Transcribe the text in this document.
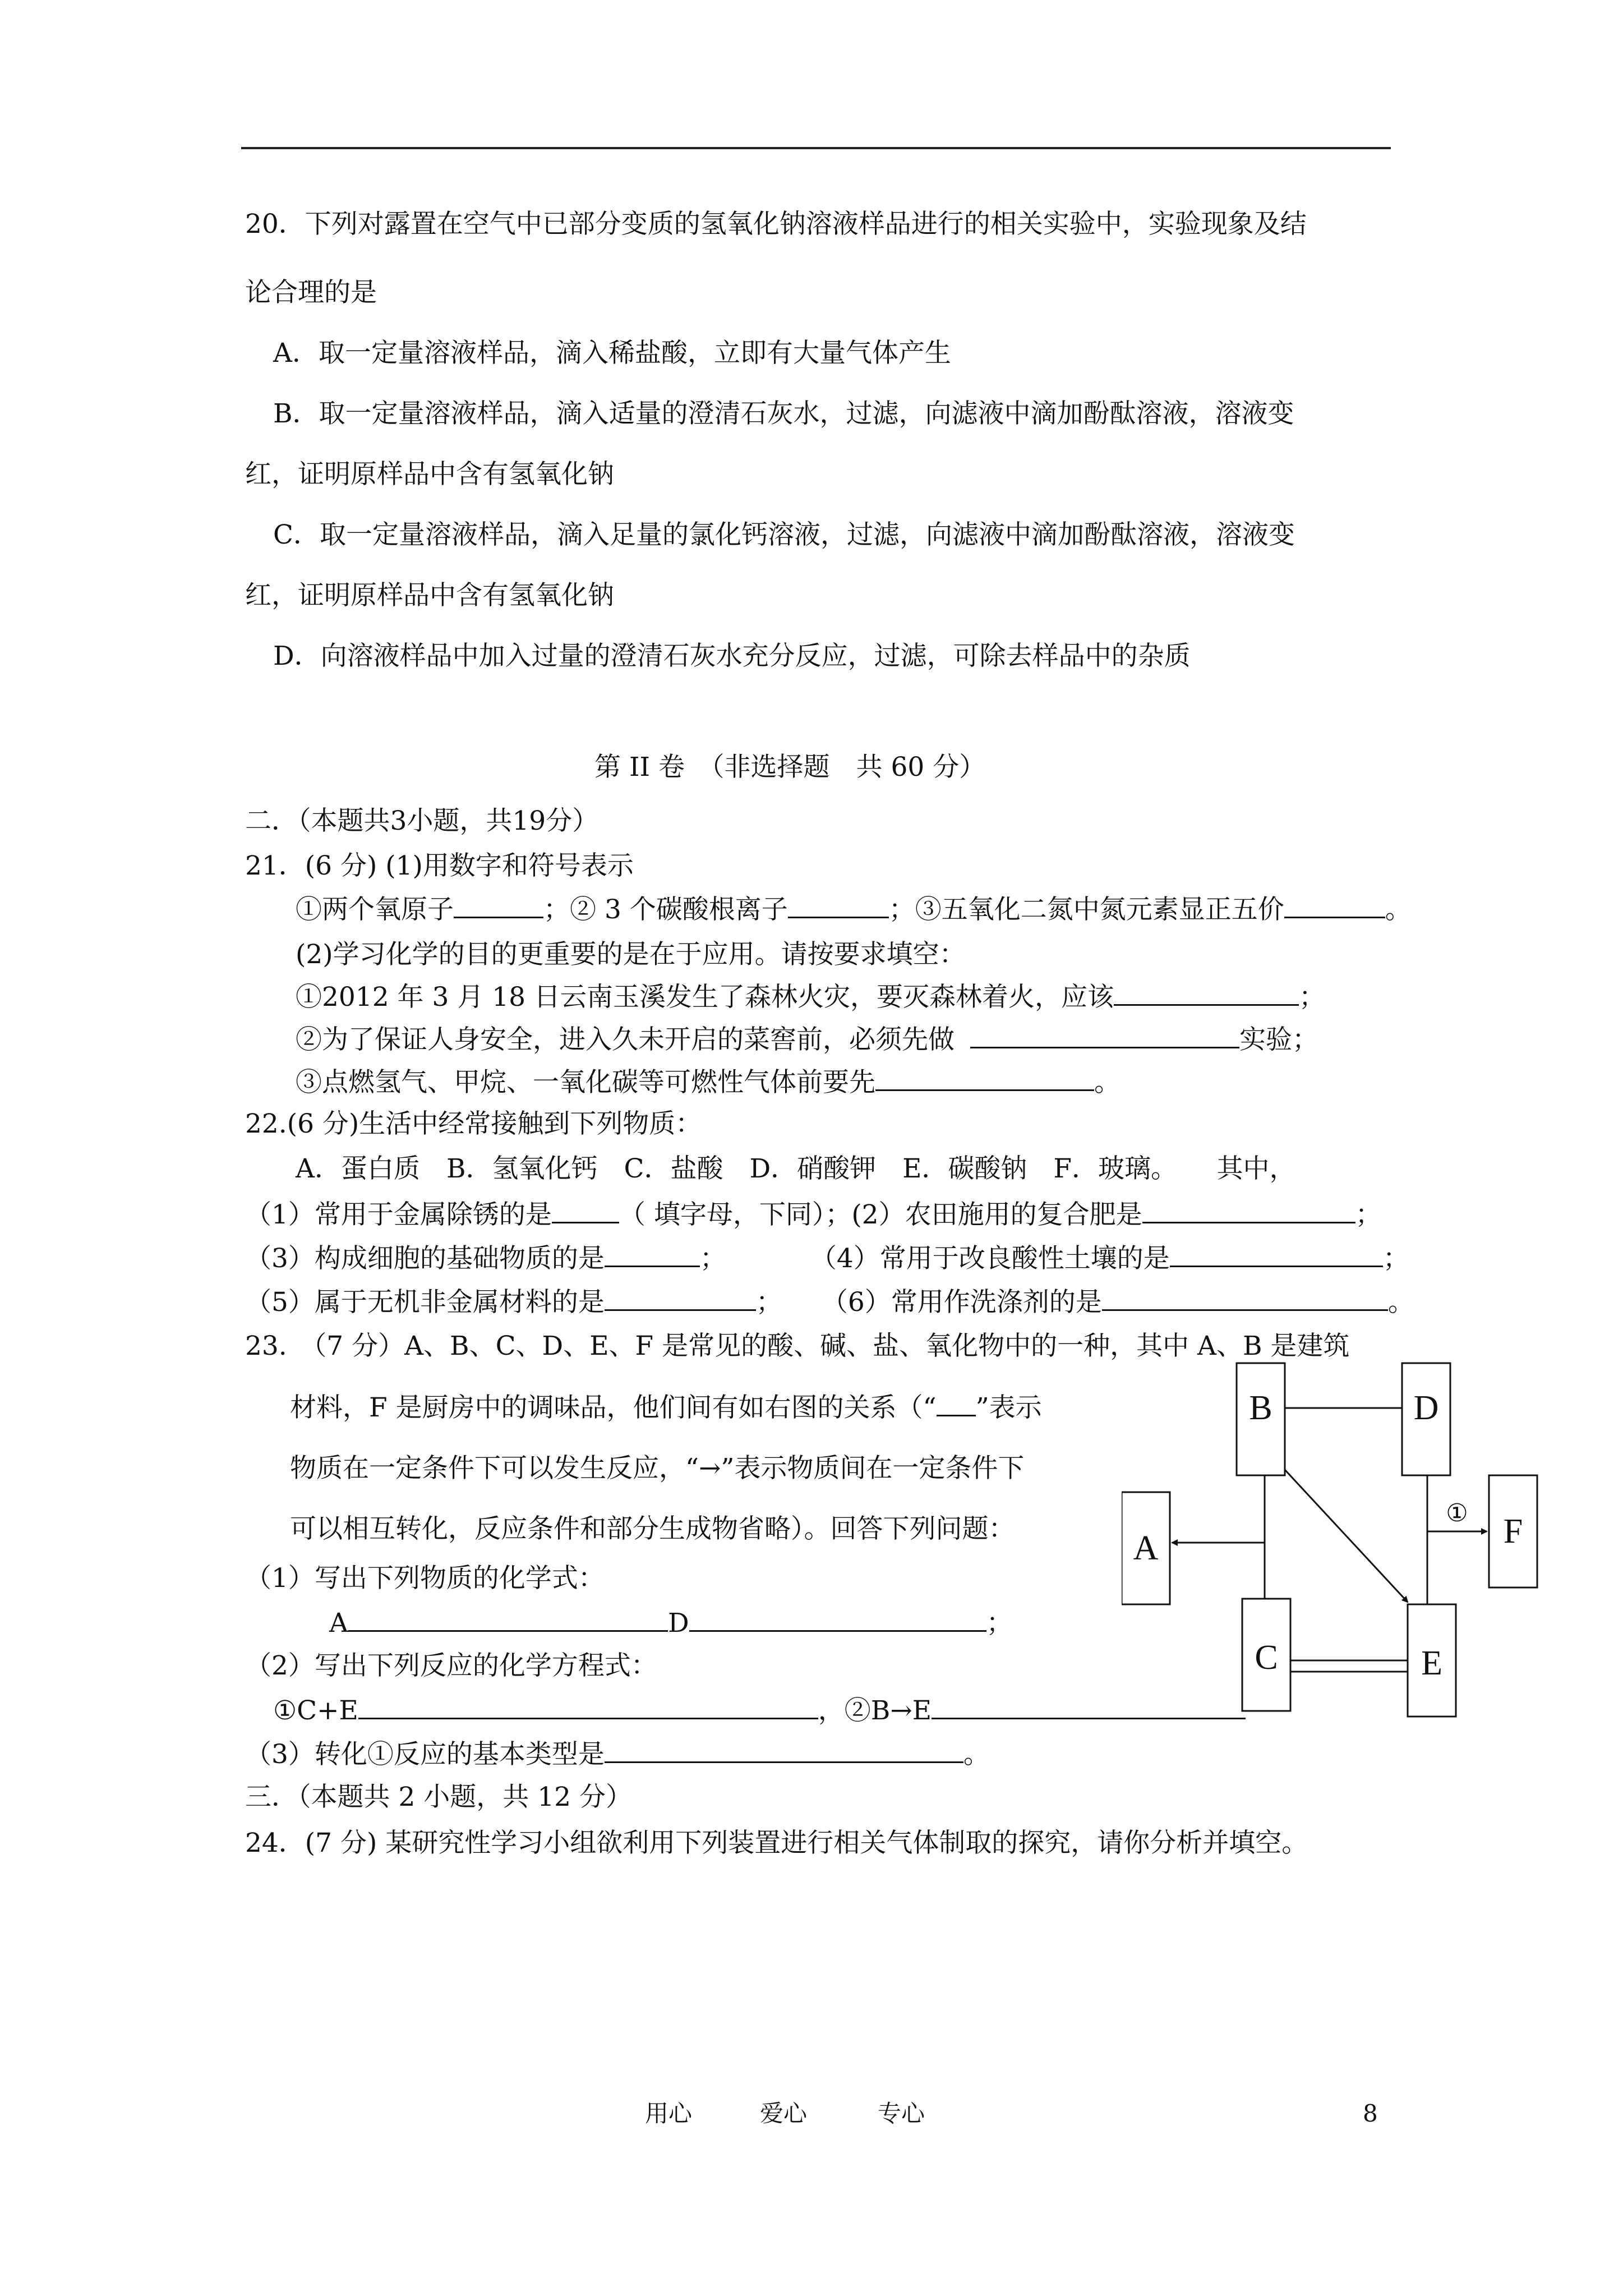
20．下列对露置在空气中已部分变质的氢氧化钠溶液样品进行的相关实验中，实验现象及结
论合理的是
A．取一定量溶液样品，滴入稀盐酸，立即有大量气体产生
B．取一定量溶液样品，滴入适量的澄清石灰水，过滤，向滤液中滴加酚酞溶液，溶液变
红，证明原样品中含有氢氧化钠
C．取一定量溶液样品，滴入足量的氯化钙溶液，过滤，向滤液中滴加酚酞溶液，溶液变
红，证明原样品中含有氢氧化钠
D．向溶液样品中加入过量的澄清石灰水充分反应，过滤，可除去样品中的杂质
第 II 卷　（非选择题　共 60 分）
二．（本题共3小题，共19分）
21．(6 分) (1)用数字和符号表示
①两个氧原子	；② 3 个碳酸根离子	；③五氧化二氮中氮元素显正五价	。
(2)学习化学的目的更重要的是在于应用。请按要求填空：
①2012 年 3 月 18 日云南玉溪发生了森林火灾，要灭森林着火，应该	；
②为了保证人身安全，进入久未开启的菜窖前，必须先做	实验；
③点燃氢气、甲烷、一氧化碳等可燃性气体前要先	。
22.(6 分)生活中经常接触到下列物质：
A．蛋白质　B．氢氧化钙　C．盐酸　D．硝酸钾　E．碳酸钠　F．玻璃。　　其中，
（1）常用于金属除锈的是	（ 填字母，下同）；(2）农田施用的复合肥是	；
（3）构成细胞的基础物质的是	；	（4）常用于改良酸性土壤的是	；
（5）属于无机非金属材料的是	； （6）常用作洗涤剂的是	。
23.　（7 分）A、B、C、D、E、F 是常见的酸、碱、盐、氧化物中的一种，其中 A、B 是建筑
材料，F 是厨房中的调味品，他们间有如右图的关系（“ ”表示
物质在一定条件下可以发生反应，“→”表示物质间在一定条件下
可以相互转化，反应条件和部分生成物省略）。回答下列问题：
（1）写出下列物质的化学式：
A	D	；
（2）写出下列反应的化学方程式：
①C+E	，②B→E
（3）转化①反应的基本类型是	。
B	D
F
A
C	E
①
三．（本题共 2 小题，共 12 分）
24．(7 分) 某研究性学习小组欲利用下列装置进行相关气体制取的探究，请你分析并填空。
用心	爱心	专心	8
